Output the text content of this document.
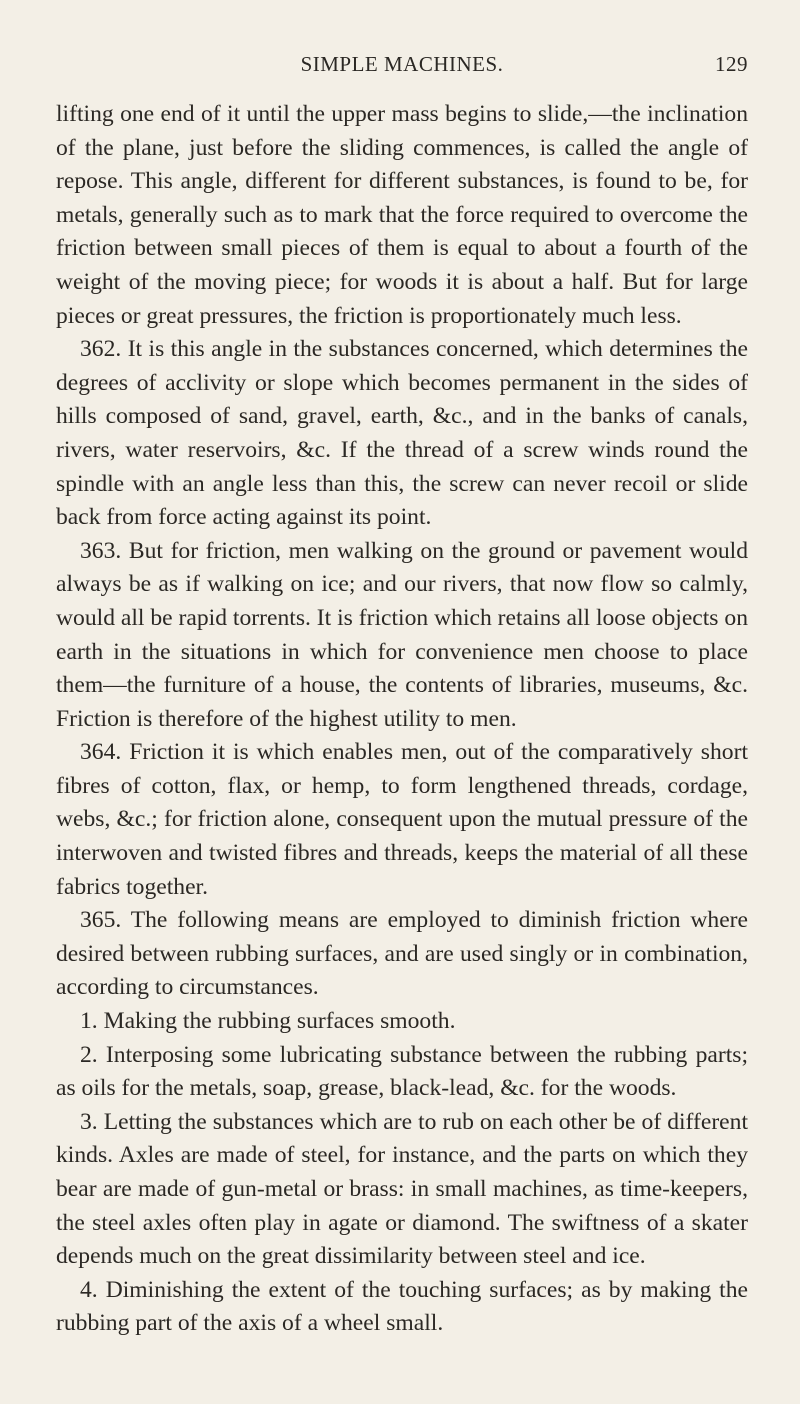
SIMPLE MACHINES.	129

lifting one end of it until the upper mass begins to slide,—the inclination of the plane, just before the sliding commences, is called the angle of repose. This angle, different for different substances, is found to be, for metals, generally such as to mark that the force required to overcome the friction between small pieces of them is equal to about a fourth of the weight of the moving piece; for woods it is about a half. But for large pieces or great pressures, the friction is proportionately much less.

362. It is this angle in the substances concerned, which determines the degrees of acclivity or slope which becomes permanent in the sides of hills composed of sand, gravel, earth, &c., and in the banks of canals, rivers, water reservoirs, &c. If the thread of a screw winds round the spindle with an angle less than this, the screw can never recoil or slide back from force acting against its point.

363. But for friction, men walking on the ground or pavement would always be as if walking on ice; and our rivers, that now flow so calmly, would all be rapid torrents. It is friction which retains all loose objects on earth in the situations in which for convenience men choose to place them—the furniture of a house, the contents of libraries, museums, &c. Friction is therefore of the highest utility to men.

364. Friction it is which enables men, out of the comparatively short fibres of cotton, flax, or hemp, to form lengthened threads, cordage, webs, &c.; for friction alone, consequent upon the mutual pressure of the interwoven and twisted fibres and threads, keeps the material of all these fabrics together.

365. The following means are employed to diminish friction where desired between rubbing surfaces, and are used singly or in combination, according to circumstances.

1. Making the rubbing surfaces smooth.

2. Interposing some lubricating substance between the rubbing parts; as oils for the metals, soap, grease, black-lead, &c. for the woods.

3. Letting the substances which are to rub on each other be of different kinds. Axles are made of steel, for instance, and the parts on which they bear are made of gun-metal or brass: in small machines, as time-keepers, the steel axles often play in agate or diamond. The swiftness of a skater depends much on the great dissimilarity between steel and ice.

4. Diminishing the extent of the touching surfaces; as by making the rubbing part of the axis of a wheel small.
